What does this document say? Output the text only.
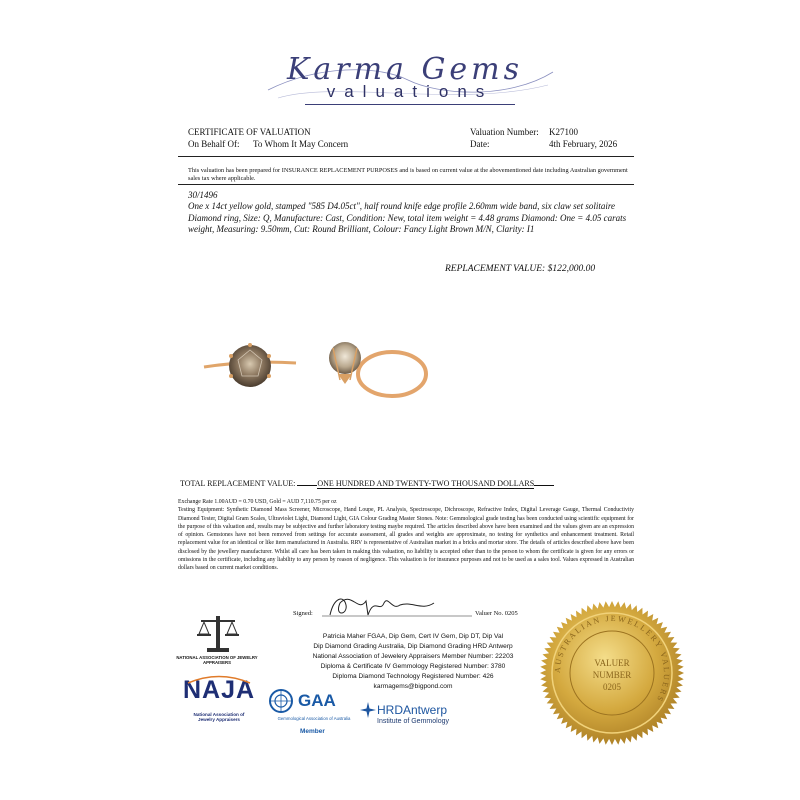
Karma Gems
valuations
CERTIFICATE OF VALUATION
On Behalf Of: To Whom It May Concern
Valuation Number: K27100
Date:	4th February, 2026
This valuation has been prepared for INSURANCE REPLACEMENT PURPOSES and is based on current value at the abovementioned date including Australian government sales tax where applicable.
30/1496
One x 14ct yellow gold, stamped "585 D4.05ct", half round knife edge profile 2.60mm wide band, six claw set solitaire Diamond ring, Size: Q, Manufacture: Cast, Condition: New, total item weight = 4.48 grams Diamond: One = 4.05 carats weight, Measuring: 9.50mm, Cut: Round Brilliant, Colour: Fancy Light Brown M/N, Clarity: I1
REPLACEMENT VALUE: $122,000.00
TOTAL REPLACEMENT VALUE:	ONE HUNDRED AND TWENTY-TWO THOUSAND DOLLARS
Exchange Rate 1.00AUD = 0.70 USD, Gold = AUD 7,110.75 per oz
Testing Equipment: Synthetic Diamond Mass Screener, Microscope, Hand Loupe, PL Analysis, Spectroscope, Dichroscope, Refractive Index, Digital Leverage Gauge, Thermal Conductivity Diamond Tester, Digital Gram Scales, Ultraviolet Light, Diamond Light, GIA Colour Grading Master Stones. Note: Gemmological grade testing has been conducted using scientific equipment for the purpose of this valuation and, results may be subjective and further laboratory testing maybe required. The articles described above have been examined and the values given are an expression of opinion. Gemstones have not been removed from settings for accurate assessment, all grades and weights are approximate, no testing for synthetics and enhancement treatment. Retail replacement value for an identical or like item manufactured in Australia. RRV is representative of Australian market in a bricks and mortar store. The details of articles described above have been disclosed by the jewellery manufacturer. Whilst all care has been taken in making this valuation, no liability is accepted other than to the person to whom the certificate is given for any errors or omissions in the certificate, including any liability to any person by reason of negligence. This valuation is for insurance purposes and not to be used as a sales tool. Values expressed in Australian dollars based on current market conditions.
Signed:	Valuer No. 0205
Patricia Maher FGAA, Dip Gem, Cert IV Gem, Dip DT, Dip Val
Dip Diamond Grading Australia, Dip Diamond Grading HRD Antwerp
National Association of Jewelery Appraisers Member Number: 22203
Diploma & Certificate IV Gemmology Registered Number: 3780
Diploma Diamond Technology Registered Number: 426
karmagems@bigpond.com
NATIONAL ASSOCIATION OF JEWELRY APPRAISERS
NAJA
National Association of Jewelry Appraisers
GAA
Gemmological Association of Australia
Member
HRDAntwerp
Institute of Gemmology
AUSTRALIAN JEWELLERY VALUERS
VALUER
NUMBER
0205
